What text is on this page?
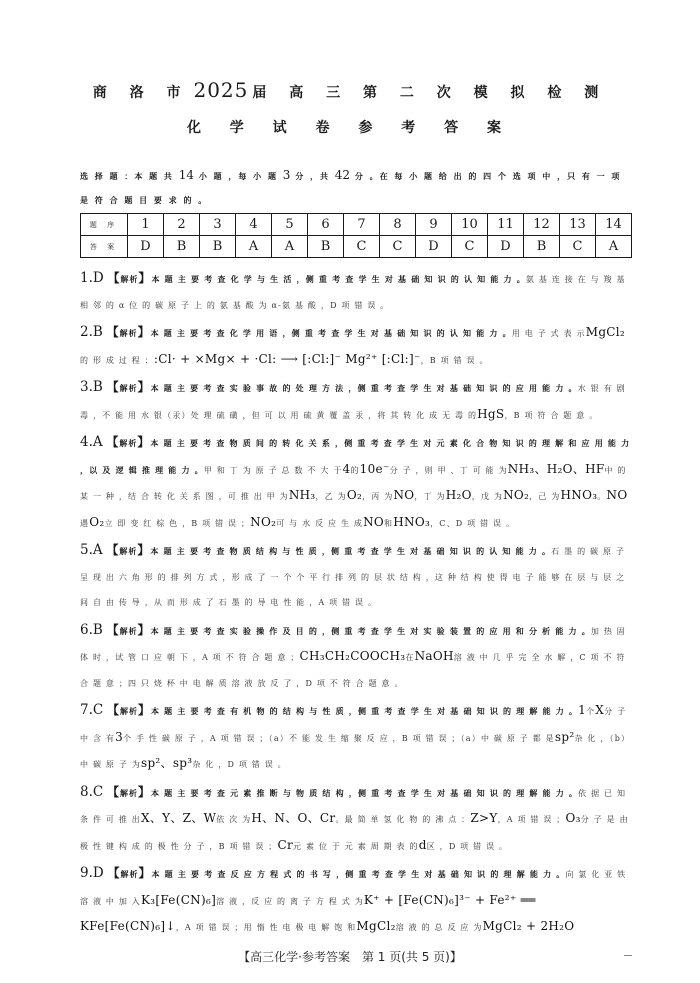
商 洛 市 2025 届 高 三 第 二 次 模 拟 检 测
化 学 试 卷 参 考 答 案
选 择 题 ：本 题 共 14 小 题 ，每 小 题 3 分 ，共 42 分 。在 每 小 题 给 出 的 四 个 选 项 中 ，只 有 一 项 是 符 合 题 目 要 求 的 。
题 序	1	2	3	4	5	6	7	8	9	10	11	12	13	14
答 案	D	B	B	A	A	B	C	C	D	C	D	B	C	A
1.D 【解析】本 题 主 要 考 查 化 学 与 生 活 ，侧 重 考 查 学 生 对 基 础 知 识 的 认 知 能 力 。氨 基 连 接 在 与 羧 基 相 邻 的 α 位 的 碳 原 子 上 的 氨 基 酸 为 α-氨 基 酸 ，D 项 错 误 。
2.B 【解析】本 题 主 要 考 查 化 学 用 语 ，侧 重 考 查 学 生 对 基 础 知 识 的 认 知 能 力 。用 电 子 式 表 示MgCl₂的 形 成 过 程 ：:Cl· + ×Mg× + ·Cl: ⟶ [:Cl:]⁻ Mg²⁺ [:Cl:]⁻，B 项 错 误 。
3.B 【解析】本 题 主 要 考 查 实 验 事 故 的 处 理 方 法 ，侧 重 考 查 学 生 对 基 础 知 识 的 应 用 能 力 。水 银 有 剧 毒 ，不 能 用 水 银（汞）处 理 硫 磺 ，但 可 以 用 硫 黄 覆 盖 汞 ，将 其 转 化 成 无 毒 的HgS，B 项 符 合 题 意 。
4.A 【解析】本 题 主 要 考 查 物 质 间 的 转 化 关 系 ，侧 重 考 查 学 生 对 元 素 化 合 物 知 识 的 理 解 和 应 用 能 力 ，以 及 逻 辑 推 理 能 力 。甲 和 丁 为 原 子 总 数 不 大 于4的10e⁻分 子 ，则 甲 、丁 可 能 为NH₃、H₂O、HF中 的 某 一 种 ，结 合 转 化 关 系 图 ，可 推 出 甲 为NH₃，乙 为O₂，丙 为NO，丁 为H₂O，戊 为NO₂，己 为HNO₃。NO遇O₂立 即 变 红 棕 色 ，B 项 错 误 ；NO₂可 与 水 反 应 生 成NO和HNO₃，C、D 项 错 误 。
5.A 【解析】本 题 主 要 考 查 物 质 结 构 与 性 质 ，侧 重 考 查 学 生 对 基 础 知 识 的 认 知 能 力 。石 墨 的 碳 原 子 呈 现 出 六 角 形 的 排 列 方 式 ，形 成 了 一 个 个 平 行 排 列 的 层 状 结 构 ，这 种 结 构 使 得 电 子 能 够 在 层 与 层 之 间 自 由 传 导 ，从 而 形 成 了 石 墨 的 导 电 性 能 ，A 项 错 误 。
6.B 【解析】本 题 主 要 考 查 实 验 操 作 及 目 的 ，侧 重 考 查 学 生 对 实 验 装 置 的 应 用 和 分 析 能 力 。加 热 固 体 时 ，试 管 口 应 朝 下 ，A 项 不 符 合 题 意 ；CH₃CH₂COOCH₃在NaOH溶 液 中 几 乎 完 全 水 解 ，C 项 不 符 合 题 意 ；四 只 烧 杯 中 电 解 质 溶 液 放 反 了 ，D 项 不 符 合 题 意 。
7.C 【解析】本 题 主 要 考 查 有 机 物 的 结 构 与 性 质 ，侧 重 考 查 学 生 对 基 础 知 识 的 理 解 能 力 。1个X分 子 中 含 有3个 手 性 碳 原 子 ，A 项 错 误 ；（a）不 能 发 生 缩 聚 反 应 ，B 项 错 误 ；（a）中 碳 原 子 都 是sp²杂 化 ，（b）中 碳 原 子 为sp²、sp³杂 化 ，D 项 错 误 。
8.C 【解析】本 题 主 要 考 查 元 素 推 断 与 物 质 结 构 ，侧 重 考 查 学 生 对 基 础 知 识 的 理 解 能 力 。依 据 已 知 条 件 可 推 出X、Y、Z、W依 次 为H、N、O、Cr。最 简 单 氢 化 物 的 沸 点 ：Z>Y，A 项 错 误 ；O₃分 子 是 由 极 性 键 构 成 的 极 性 分 子 ，B 项 错 误 ；Cr元 素 位 于 元 素 周 期 表 的d区 ，D 项 错 误 。
9.D 【解析】本 题 主 要 考 查 反 应 方 程 式 的 书 写 ，侧 重 考 查 学 生 对 基 础 知 识 的 理 解 能 力 。向 氯 化 亚 铁 溶 液 中 加 入K₃[Fe(CN)₆]溶 液 ，反 应 的 离 子 方 程 式 为K⁺ + [Fe(CN)₆]³⁻ + Fe²⁺ ══ KFe[Fe(CN)₆]↓，A 项 错 误 ；用 惰 性 电 极 电 解 饱 和MgCl₂溶 液 的 总 反 应 为MgCl₂ + 2H₂O
【高三化学·参考答案　第 1 页(共 5 页)】
